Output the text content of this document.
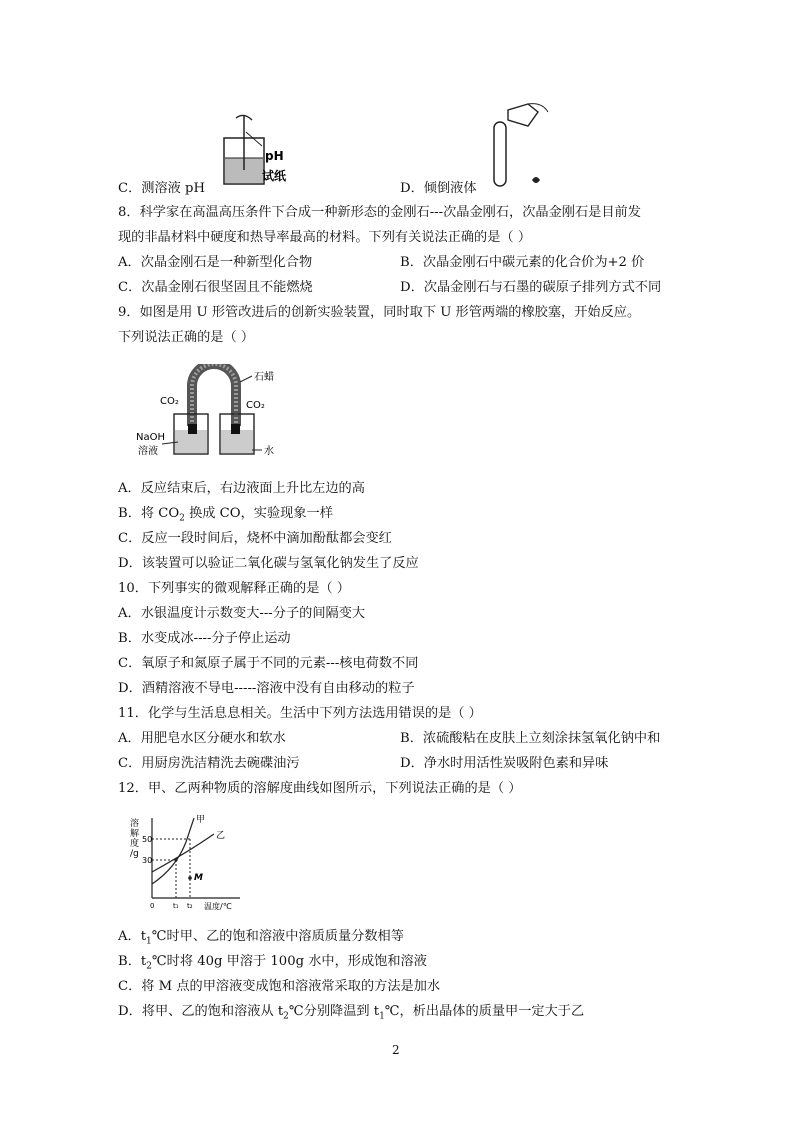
pH
试纸
C．测溶液 pH	D．倾倒液体
8．科学家在高温高压条件下合成一种新形态的金刚石---次晶金刚石，次晶金刚石是目前发
现的非晶材料中硬度和热导率最高的材料。下列有关说法正确的是（ ）
A．次晶金刚石是一种新型化合物	B．次晶金刚石中碳元素的化合价为+2 价
C．次晶金刚石很坚固且不能燃烧	D．次晶金刚石与石墨的碳原子排列方式不同
9．如图是用 U 形管改进后的创新实验装置，同时取下 U 形管两端的橡胶塞，开始反应。
下列说法正确的是（ ）
石蜡
CO₂	CO₂
NaOH
溶液	水
A．反应结束后，右边液面上升比左边的高
B．将 $CO_2$ 换成 CO，实验现象一样
C．反应一段时间后，烧杯中滴加酚酞都会变红
D．该装置可以验证二氧化碳与氢氧化钠发生了反应
10．下列事实的微观解释正确的是（ ）
A．水银温度计示数变大---分子的间隔变大
B．水变成冰----分子停止运动
C．氧原子和氮原子属于不同的元素---核电荷数不同
D．酒精溶液不导电-----溶液中没有自由移动的粒子
11．化学与生活息息相关。生活中下列方法选用错误的是（ ）
A．用肥皂水区分硬水和软水	B．浓硫酸粘在皮肤上立刻涂抹氢氧化钠中和
C．用厨房洗洁精洗去碗碟油污	D．净水时用活性炭吸附色素和异味
12．甲、乙两种物质的溶解度曲线如图所示，下列说法正确的是（ ）
溶
解
度
/g
50
30
M
甲
乙
0	t₁ t₂ 温度/℃
A．$t_1℃$时甲、乙的饱和溶液中溶质质量分数相等
B．$t_2℃$时将 40g 甲溶于 100g 水中，形成饱和溶液
C．将 M 点的甲溶液变成饱和溶液常采取的方法是加水
D．将甲、乙的饱和溶液从 $t_2℃$分别降温到 $t_1℃$，析出晶体的质量甲一定大于乙
2
